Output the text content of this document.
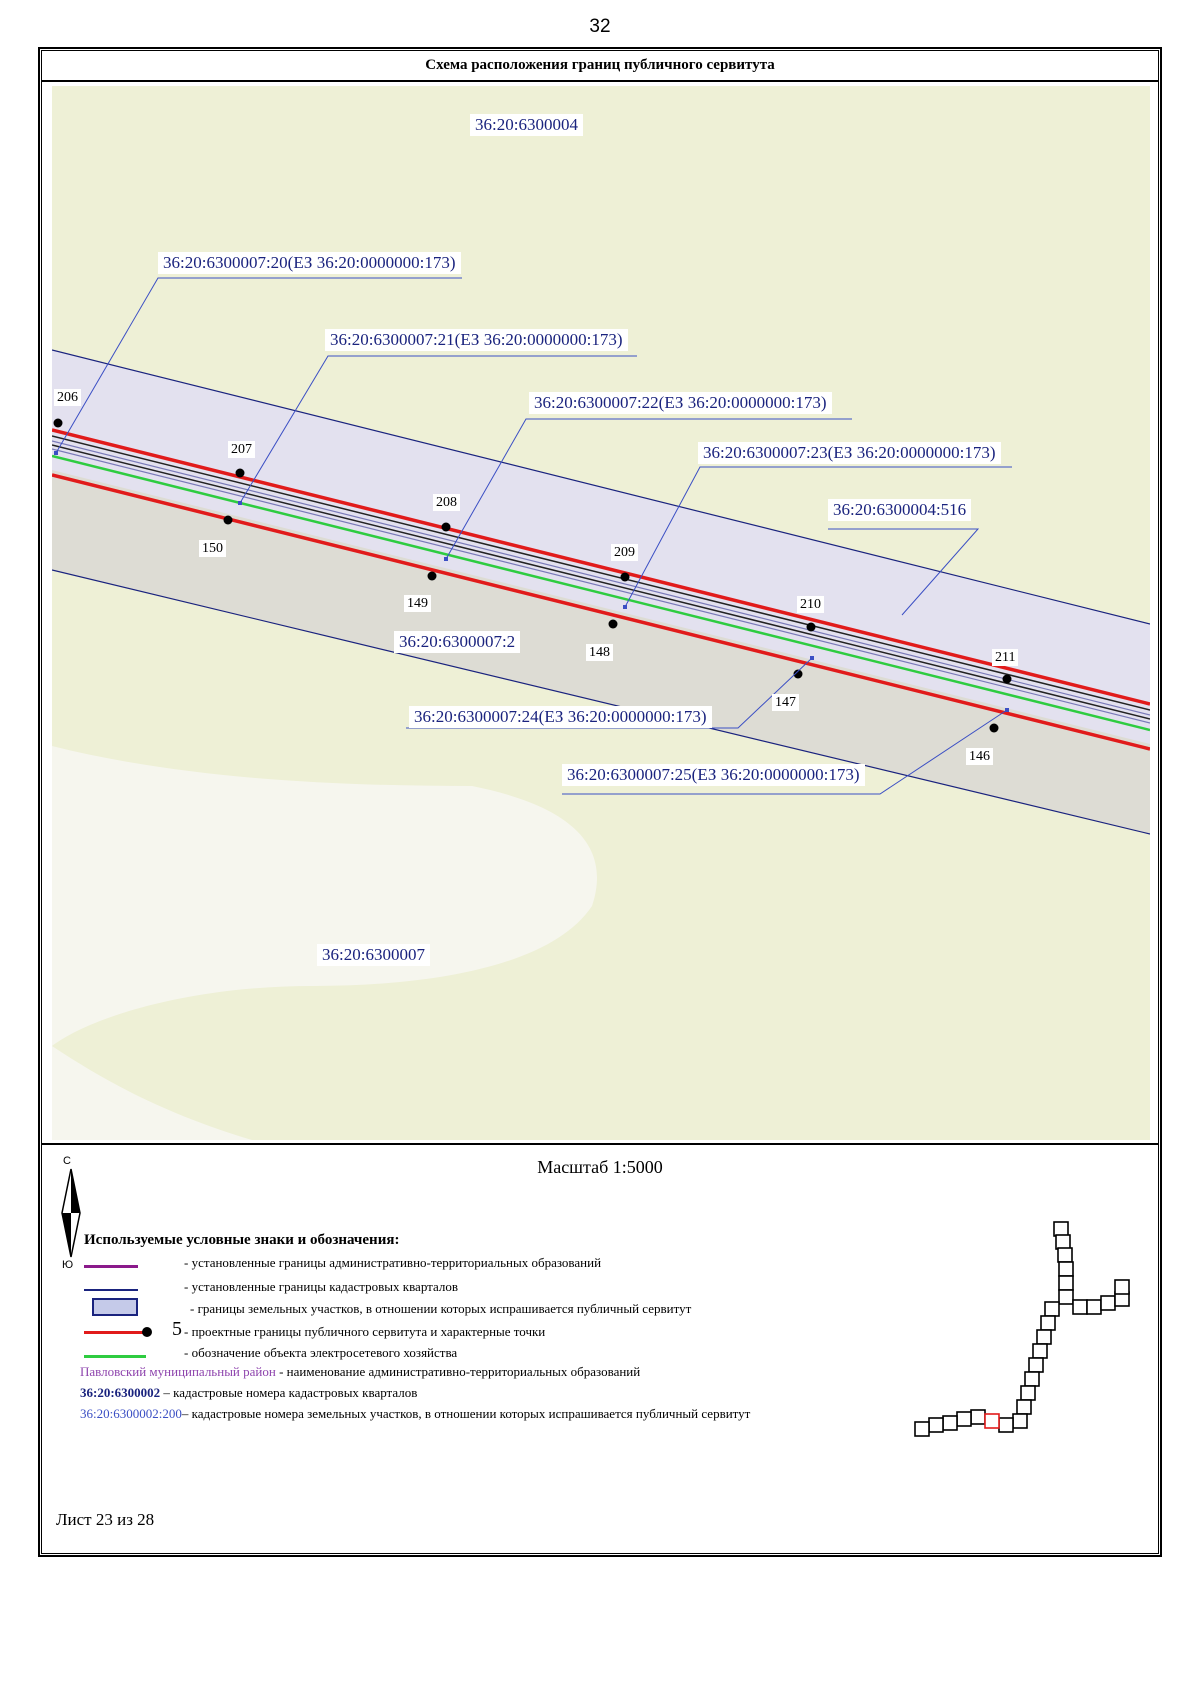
32
Схема расположения границ публичного сервитута
36:20:6300004
36:20:6300007:20(ЕЗ 36:20:0000000:173)
36:20:6300007:21(ЕЗ 36:20:0000000:173)
36:20:6300007:22(ЕЗ 36:20:0000000:173)
36:20:6300007:23(ЕЗ 36:20:0000000:173)
36:20:6300004:516
36:20:6300007:2
36:20:6300007:24(ЕЗ 36:20:0000000:173)
36:20:6300007:25(ЕЗ 36:20:0000000:173)
36:20:6300007
206
207
208
209
210
211
150
149
148
147
146
Масштаб 1:5000
С
Ю
Используемые условные знаки и обозначения:
- установленные границы административно-территориальных образований
- установленные границы кадастровых кварталов
- границы земельных участков, в отношении которых испрашивается публичный сервитут
5 - проектные границы публичного сервитута и характерные точки
- обозначение объекта электросетевого хозяйства
Павловский муниципальный район - наименование административно-территориальных образований
36:20:6300002 – кадастровые номера кадастровых кварталов
36:20:6300002:200– кадастровые номера земельных участков, в отношении которых испрашивается публичный сервитут
Лист 23 из 28
